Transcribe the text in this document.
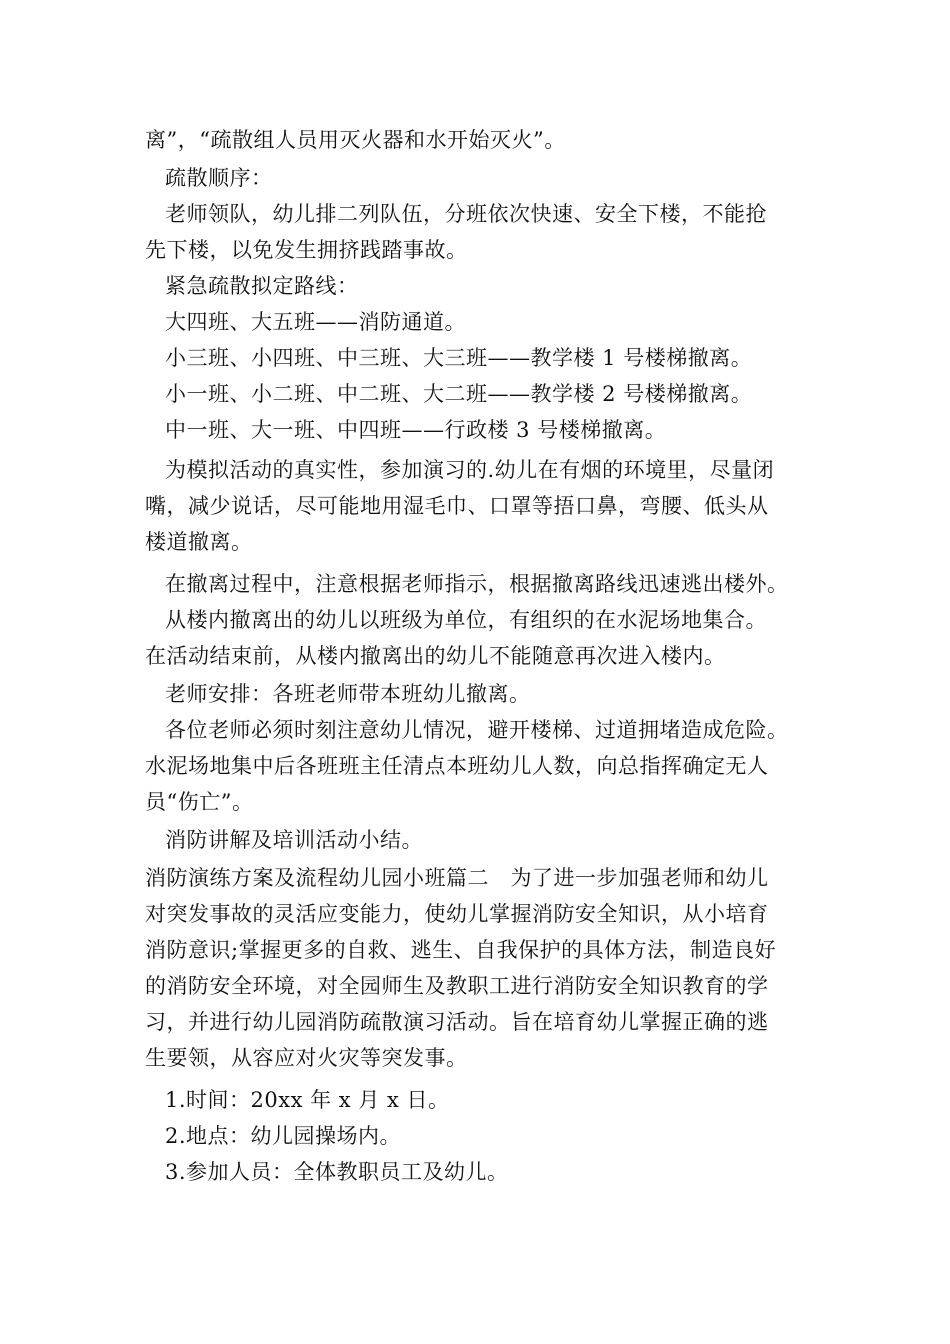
离”，“疏散组人员用灭火器和水开始灭火”。
疏散顺序：
老师领队，幼儿排二列队伍，分班依次快速、安全下楼，不能抢
先下楼，以免发生拥挤践踏事故。
紧急疏散拟定路线：
大四班、大五班——消防通道。
小三班、小四班、中三班、大三班——教学楼 1 号楼梯撤离。
小一班、小二班、中二班、大二班——教学楼 2 号楼梯撤离。
中一班、大一班、中四班——行政楼 3 号楼梯撤离。
为模拟活动的真实性，参加演习的.幼儿在有烟的环境里，尽量闭
嘴，减少说话，尽可能地用湿毛巾、口罩等捂口鼻，弯腰、低头从
楼道撤离。
在撤离过程中，注意根据老师指示，根据撤离路线迅速逃出楼外。
从楼内撤离出的幼儿以班级为单位，有组织的在水泥场地集合。
在活动结束前，从楼内撤离出的幼儿不能随意再次进入楼内。
老师安排：各班老师带本班幼儿撤离。
各位老师必须时刻注意幼儿情况，避开楼梯、过道拥堵造成危险。
水泥场地集中后各班班主任清点本班幼儿人数，向总指挥确定无人
员“伤亡”。
消防讲解及培训活动小结。
消防演练方案及流程幼儿园小班篇二　为了进一步加强老师和幼儿
对突发事故的灵活应变能力，使幼儿掌握消防安全知识，从小培育
消防意识;掌握更多的自救、逃生、自我保护的具体方法，制造良好
的消防安全环境，对全园师生及教职工进行消防安全知识教育的学
习，并进行幼儿园消防疏散演习活动。旨在培育幼儿掌握正确的逃
生要领，从容应对火灾等突发事。
1.时间：20xx 年 x 月 x 日。
2.地点：幼儿园操场内。
3.参加人员：全体教职员工及幼儿。
